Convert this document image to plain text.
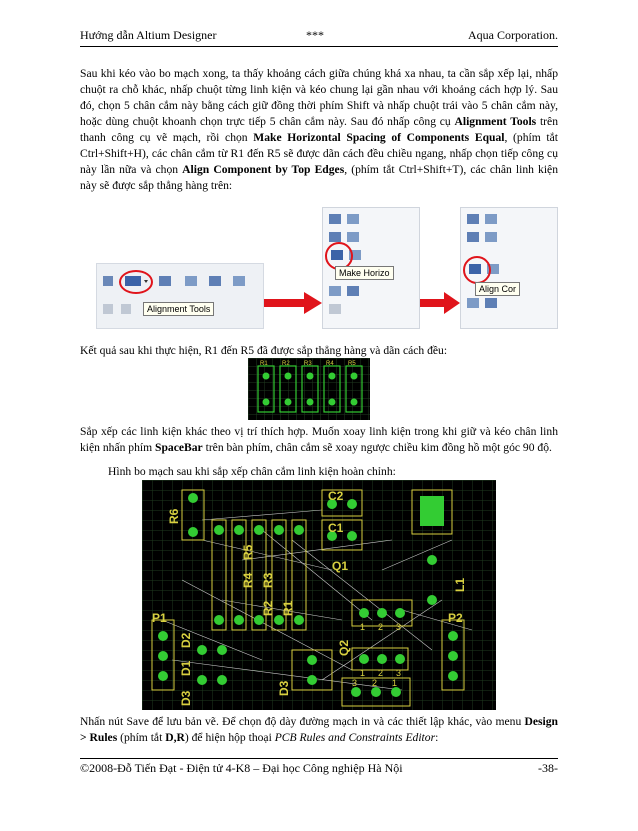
Hướng dẫn Altium Designer	***	Aqua Corporation.

Sau khi kéo vào bo mạch xong, ta thấy khoảng cách giữa chúng khá xa nhau, ta cần sắp xếp lại, nhấp chuột ra chỗ khác, nhấp chuột từng linh kiện và kéo chung lại gần nhau với khoảng cách hợp lý. Sau đó, chọn 5 chân cắm này bằng cách giữ đồng thời phím Shift và nhấp chuột trái vào 5 chân cắm này, hoặc dùng chuột khoanh chọn trực tiếp 5 chân cắm này. Sau đó nhấp công cụ Alignment Tools trên thanh công cụ vẽ mạch, rồi chọn Make Horizontal Spacing of Components Equal, (phím tắt Ctrl+Shift+H), các chân cắm từ R1 đến R5 sẽ được dãn cách đều chiều ngang, nhấp chọn tiếp công cụ này lần nữa và chọn Align Component by Top Edges, (phím tắt Ctrl+Shift+T), các chân linh kiện này sẽ được sắp thẳng hàng trên:

Alignment Tools
Make Horizo
Align Cor

Kết quả sau khi thực hiện, R1 đến R5 đã được sắp thẳng hàng và dãn cách đều:

R1 R2 R3 R4 R5

Sắp xếp các linh kiện khác theo vị trí thích hợp. Muốn xoay linh kiện trong khi giữ và kéo chân linh kiện nhấn phím SpaceBar trên bàn phím, chân cắm sẽ xoay ngược chiều kim đồng hồ một góc 90 độ.

Hình bo mạch sau khi sắp xếp chân cắm linh kiện hoàn chỉnh:

R6
R5
R4 R3
R2 R1
C2
C1
Q1
Q2
P1	P2
L1
D1
D2
D3
D3
1 2 3
1 2 3
3 2 1

Nhấn nút Save để lưu bản vẽ. Để chọn độ dày đường mạch in và các thiết lập khác, vào menu Design > Rules (phím tắt D,R) để hiện hộp thoại PCB Rules and Constraints Editor:

©2008-Đỗ Tiến Đạt - Điện tử 4-K8 – Đại học Công nghiệp Hà Nội	-38-
